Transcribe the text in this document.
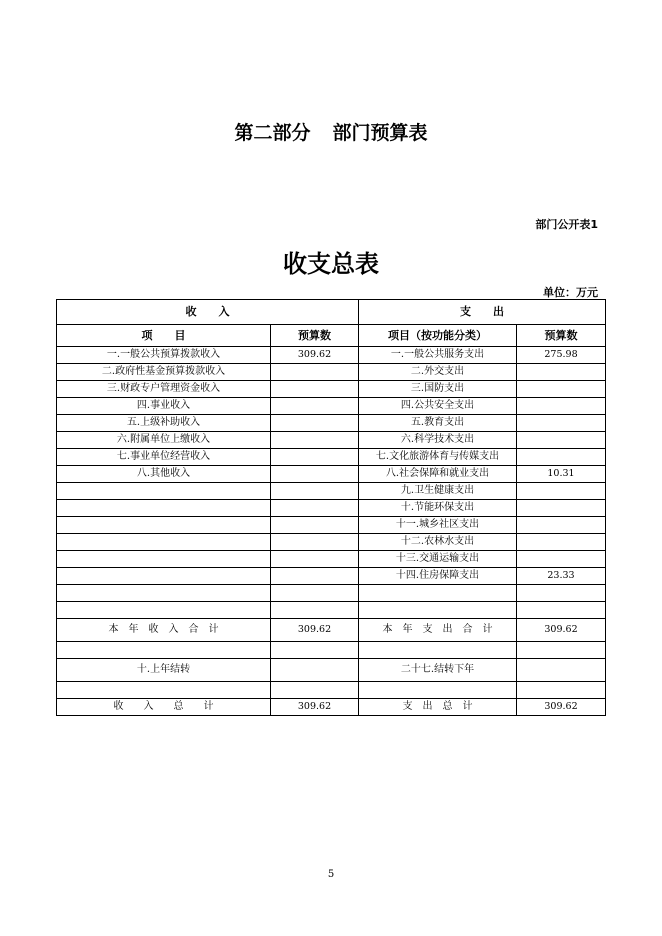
第二部分 部门预算表
部门公开表1
收支总表
单位：万元
收　　入		支　　出	
项　　目	预算数	项目（按功能分类）	预算数
一.一般公共预算拨款收入	309.62	一.一般公共服务支出	275.98
二.政府性基金预算拨款收入		二.外交支出	
三.财政专户管理资金收入		三.国防支出	
四.事业收入		四.公共安全支出	
五.上级补助收入		五.教育支出	
六.附属单位上缴收入		六.科学技术支出	
七.事业单位经营收入		七.文化旅游体育与传媒支出	
八.其他收入		八.社会保障和就业支出	10.31
		九.卫生健康支出	
		十.节能环保支出	
		十一.城乡社区支出	
		十二.农林水支出	
		十三.交通运输支出	
		十四.住房保障支出	23.33

本　年　收　入　合　计	309.62	本　年　支　出　合　计	309.62

十.上年结转		二十七.结转下年	

收　　入　　总　　计	309.62	支　出　总　计	309.62
5
